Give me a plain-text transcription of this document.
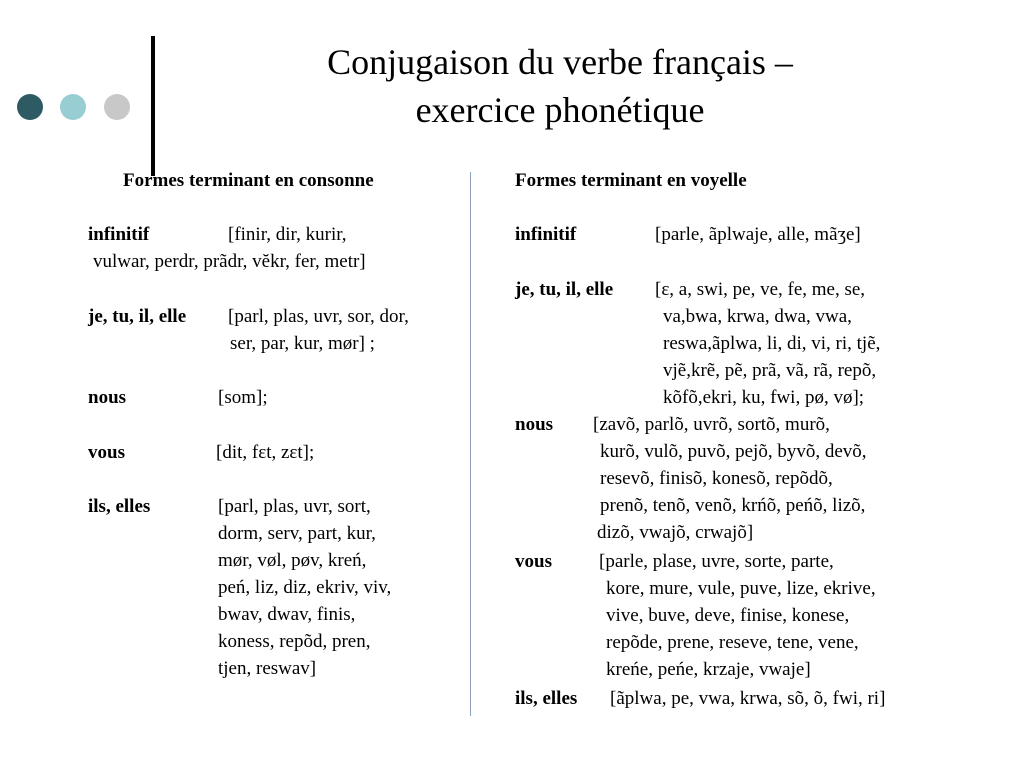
Conjugaison du verbe français –
exercice phonétique
Formes terminant en consonne
infinitif	[finir, dir, kurir,
vulwar, perdr, prãdr, vĕkr, fer, metr]
je, tu, il, elle [parl, plas, uvr, sor, dor,
ser, par, kur, mør] ;
nous	[som];
vous	[dit, fɛt, zɛt];
ils, elles	[parl, plas, uvr, sort,
dorm, serv, part, kur,
mør, vøl, pøv, kreń,
peń, liz, diz, ekriv, viv,
bwav, dwav, finis,
koness, repõd, pren,
tjen, reswav]
Formes terminant en voyelle
infinitif	[parle, ãplwaje, alle, mãʒe]
je, tu, il, elle [ɛ, a, swi, pe, ve, fe, me, se,
va,bwa, krwa, dwa, vwa,
reswa,ãplwa, li, di, vi, ri, tjẽ,
vjẽ,krẽ, pẽ, prã, vã, rã, repõ,
kõfõ,ekri, ku, fwi, pø, vø];
nous [zavõ, parlõ, uvrõ, sortõ, murõ,
kurõ, vulõ, puvõ, pejõ, byvõ, devõ,
resevõ, finisõ, konesõ, repõdõ,
prenõ, tenõ, venõ, krńõ, peńõ, lizõ,
dizõ, vwajõ, crwajõ]
vous [parle, plase, uvre, sorte, parte,
kore, mure, vule, puve, lize, ekrive,
vive, buve, deve, finise, konese,
repõde, prene, reseve, tene, vene,
kreńe, peńe, krzaje, vwaje]
ils, elles [ãplwa, pe, vwa, krwa, sõ, õ, fwi, ri]
